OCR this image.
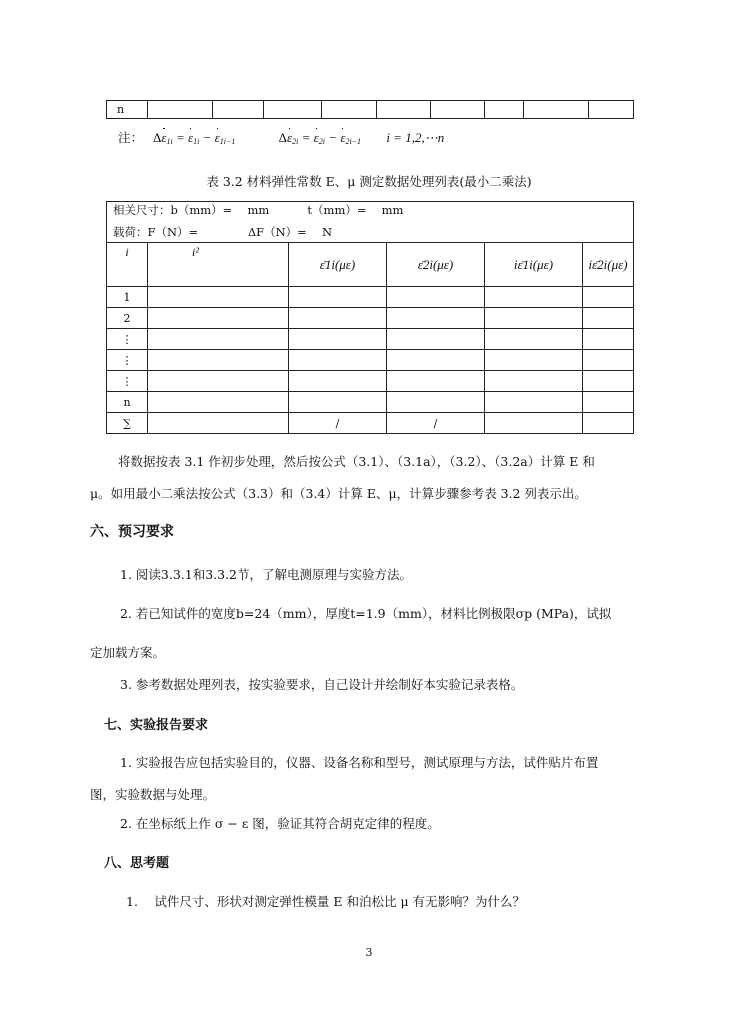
n									
注： $\Delta\varepsilon_{1i} = \varepsilon_{1i} - \varepsilon_{1i-1}$	$\Delta\varepsilon_{2i} = \varepsilon_{2i} - \varepsilon_{2i-1}$ i = 1,2,⋯n
表 3.2 材料弹性常数 E、μ 测定数据处理列表(最小二乘法)
相关尺寸：b（mm）=　 mm　　　 t（mm）=　 mm					
载荷：F（N）=　　　　 ΔF（N）=　 N					
i	i²	ε̄1i(με)	ε̄2i(με)	iε̄1i(με)	iε̄2i(με)
1					
2					
⋮					
⋮					
⋮					
n					
∑		/	/		
将数据按表 3.1 作初步处理，然后按公式（3.1）、（3.1a），（3.2）、（3.2a）计算 E 和
μ。如用最小二乘法按公式（3.3）和（3.4）计算 E、μ，计算步骤参考表 3.2 列表示出。
六、预习要求
1. 阅读3.3.1和3.3.2节，了解电测原理与实验方法。
2. 若已知试件的宽度b=24（mm），厚度t=1.9（mm），材料比例极限σp (MPa)，试拟
定加载方案。
3. 参考数据处理列表，按实验要求，自己设计并绘制好本实验记录表格。
七、实验报告要求
1. 实验报告应包括实验目的，仪器、设备名称和型号，测试原理与方法，试件贴片布置
图，实验数据与处理。
2. 在坐标纸上作 σ − ε 图，验证其符合胡克定律的程度。
八、思考题
1.　 试件尺寸、形状对测定弹性模量 E 和泊松比 μ 有无影响？为什么？
3
